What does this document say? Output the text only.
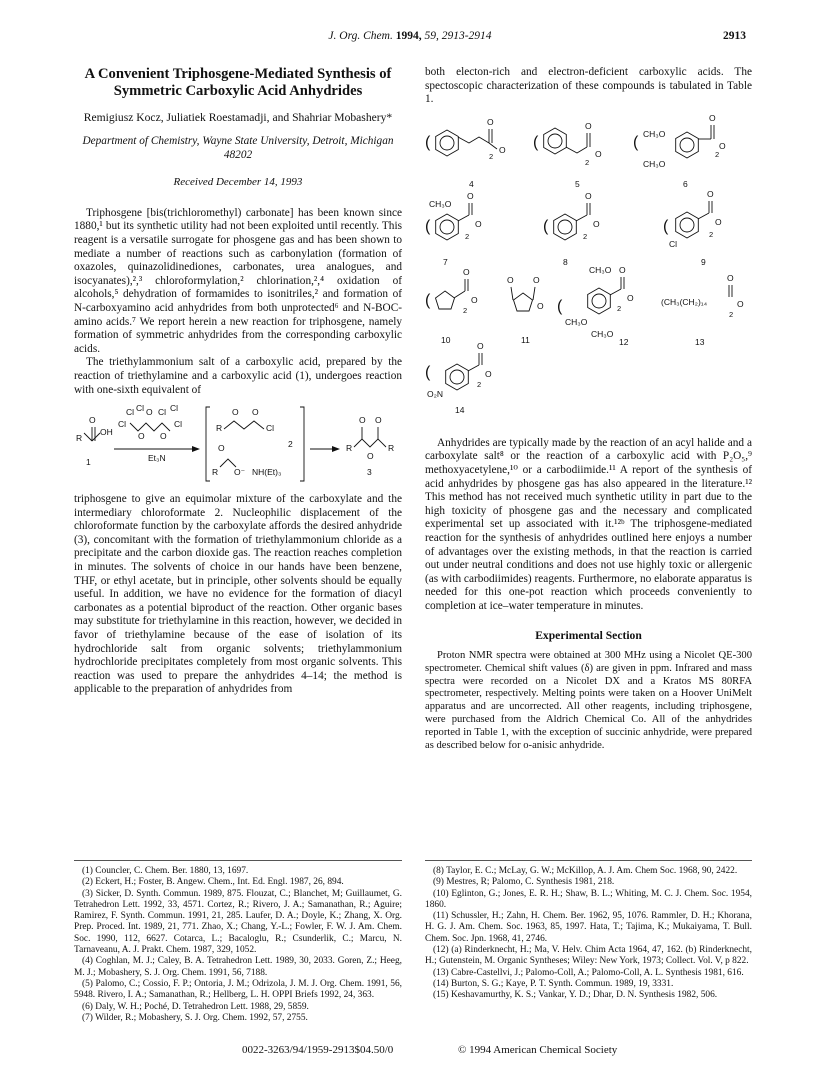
J. Org. Chem. 1994, 59, 2913-2914	2913
A Convenient Triphosgene-Mediated Synthesis of Symmetric Carboxylic Acid Anhydrides
Remigiusz Kocz, Juliatiek Roestamadji, and Shahriar Mobashery*
Department of Chemistry, Wayne State University, Detroit, Michigan 48202
Received December 14, 1993

Triphosgene [bis(trichloromethyl) carbonate] has been known since 1880,¹ but its synthetic utility had not been exploited until recently. This reagent is a versatile surrogate for phosgene gas and has been shown to mediate a number of reactions such as carbonylation (formation of oxazoles, quinazolidinediones, carbonates, urea analogues, and isocyanates),²,³ chloroformylation,² chlorination,²,⁴ oxidation of alcohols,⁵ dehydration of formamides to isonitriles,² and formation of N-carboxyamino acid anhydrides from both unprotected⁶ and N-BOC-amino acids.⁷ We report herein a new reaction for triphosgene, namely formation of symmetric anhydrides from the corresponding carboxylic acids.

The triethylammonium salt of a carboxylic acid, prepared by the reaction of triethylamine and a carboxylic acid (1), undergoes reaction with one-sixth equivalent of

O
R
OH
1
Cl Cl O Cl Cl
Cl	Cl
O O
Et₃N
O O
Cl
R
2
O
R O⁻ NH(Et)₃
R
O O
O
R
3

triphosgene to give an equimolar mixture of the carboxylate and the intermediary chloroformate 2. Nucleophilic displacement of the chloroformate function by the carboxylate affords the desired anhydride (3), concomitant with the formation of triethylammonium chloride as a precipitate and the carbon dioxide gas. The reaction reaches completion in minutes. The solvents of choice in our hands have been benzene, THF, or ethyl acetate, but in principle, other solvents should be equally useful. In addition, we have no evidence for the formation of diacyl carbonates as a potential biproduct of the reaction. Other organic bases may substitute for triethylamine in this reaction, however, we decided in favor of triethylamine because of the ease of isolation of its hydrochloride salt from organic solvents; triethylammonium hydrochloride precipitates completely from most organic solvents. This reaction was used to prepare the anhydrides 4–14; the method is applicable to the preparation of anhydrides from

both electon-rich and electron-deficient carboxylic acids. The spectoscopic characterization of these compounds is tabulated in Table 1.

(
O
O
2
4
(
O
O
2
5
CH₃O
(
CH₃O
O
O
2
6
CH₃O
(
O
O
2
7
(
O
O
2
8
(
Cl
O
O
2
9
(
O
O
2
10
O O
O
11
CH₃O
(
CH₃O
CH₃O
O
O
2
12
(CH₃(CH₂)₁₄
O
O
2
13
(
O₂N
O
O
2
14

Anhydrides are typically made by the reaction of an acyl halide and a carboxylate salt⁸ or the reaction of a carboxylic acid with P₂O₅,⁹ methoxyacetylene,¹⁰ or a carbodiimide.¹¹ A report of the synthesis of acid anhydrides by phosgene gas has also appeared in the literature.¹² This method has not received much synthetic utility in part due to the high toxicity of phosgene gas and the necessary and complicated experimental set up associated with it.¹²ᵇ The triphosgene-mediated reaction for the synthesis of anhydrides outlined here enjoys a number of advantages over the existing methods, in that the reaction is carried out under neutral conditions and does not use highly toxic or allergenic (as with carbodiimides) reagents. Furthermore, no elaborate apparatus is needed for this one-pot reaction which proceeds conveniently to completion at ice–water temperature in minutes.

Experimental Section

Proton NMR spectra were obtained at 300 MHz using a Nicolet QE-300 spectrometer. Chemical shift values (δ) are given in ppm. Infrared and mass spectra were recorded on a Nicolet DX and a Kratos MS 80RFA spectrometer, respectively. Melting points were taken on a Hoover UniMelt apparatus and are uncorrected. All other reagents, including triphosgene, were purchased from the Aldrich Chemical Co. All of the anhydrides reported in Table 1, with the exception of succinic anhydride, were prepared as described below for o-anisic anhydride.

(1) Councler, C. Chem. Ber. 1880, 13, 1697.
(2) Eckert, H.; Foster, B. Angew. Chem., Int. Ed. Engl. 1987, 26, 894.
(3) Sicker, D. Synth. Commun. 1989, 875. Flouzat, C.; Blanchet, M; Guillaumet, G. Tetrahedron Lett. 1992, 33, 4571. Cortez, R.; Rivero, J. A.; Samanathan, R.; Aguire; Ramirez, F. Synth. Commun. 1991, 21, 285. Laufer, D. A.; Doyle, K.; Zhang, X. Org. Prep. Proced. Int. 1989, 21, 771. Zhao, X.; Chang, Y.-L.; Fowler, F. W. J. Am. Chem. Soc. 1990, 112, 6627. Cotarca, L.; Bacaloglu, R.; Csunderlik, C.; Marcu, N. Tarnaveanu, A. J. Prakt. Chem. 1987, 329, 1052.
(4) Coghlan, M. J.; Caley, B. A. Tetrahedron Lett. 1989, 30, 2033. Goren, Z.; Heeg, M. J.; Mobashery, S. J. Org. Chem. 1991, 56, 7188.
(5) Palomo, C.; Cossio, F. P.; Ontoria, J. M.; Odrizola, J. M. J. Org. Chem. 1991, 56, 5948. Rivero, I. A.; Samanathan, R.; Hellberg, L. H. OPPI Briefs 1992, 24, 363.
(6) Daly, W. H.; Poché, D. Tetrahedron Lett. 1988, 29, 5859.
(7) Wilder, R.; Mobashery, S. J. Org. Chem. 1992, 57, 2755.
(8) Taylor, E. C.; McLay, G. W.; McKillop, A. J. Am. Chem Soc. 1968, 90, 2422.
(9) Mestres, R; Palomo, C. Synthesis 1981, 218.
(10) Eglinton, G.; Jones, E. R. H.; Shaw, B. L.; Whiting, M. C. J. Chem. Soc. 1954, 1860.
(11) Schussler, H.; Zahn, H. Chem. Ber. 1962, 95, 1076. Rammler, D. H.; Khorana, H. G. J. Am. Chem. Soc. 1963, 85, 1997. Hata, T.; Tajima, K.; Mukaiyama, T. Bull. Chem. Soc. Jpn. 1968, 41, 2746.
(12) (a) Rinderknecht, H.; Ma, V. Helv. Chim Acta 1964, 47, 162. (b) Rinderknecht, H.; Gutenstein, M. Organic Syntheses; Wiley: New York, 1973; Collect. Vol. V, p 822.
(13) Cabre-Castellvi, J.; Palomo-Coll, A.; Palomo-Coll, A. L. Synthesis 1981, 616.
(14) Burton, S. G.; Kaye, P. T. Synth. Commun. 1989, 19, 3331.
(15) Keshavamurthy, K. S.; Vankar, Y. D.; Dhar, D. N. Synthesis 1982, 506.
0022-3263/94/1959-2913$04.50/0	© 1994 American Chemical Society
